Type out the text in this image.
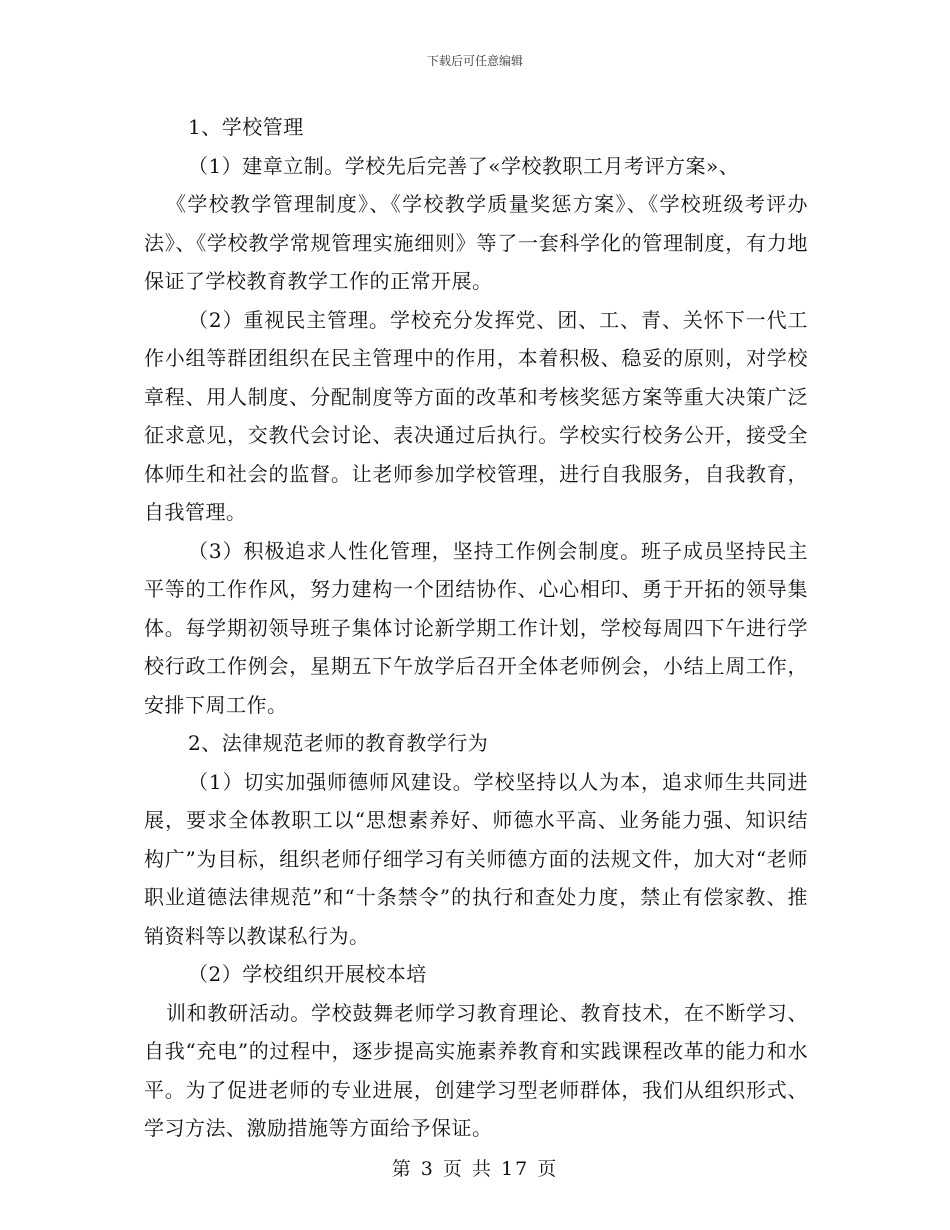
下载后可任意编辑

1、学校管理

（1）建章立制。学校先后完善了«学校教职工月考评方案»、

《学校教学管理制度》、《学校教学质量奖惩方案》、《学校班级考评办法》、《学校教学常规管理实施细则》等了一套科学化的管理制度，有力地保证了学校教育教学工作的正常开展。

（2）重视民主管理。学校充分发挥党、团、工、青、关怀下一代工作小组等群团组织在民主管理中的作用，本着积极、稳妥的原则，对学校章程、用人制度、分配制度等方面的改革和考核奖惩方案等重大决策广泛征求意见，交教代会讨论、表决通过后执行。学校实行校务公开，接受全体师生和社会的监督。让老师参加学校管理，进行自我服务，自我教育，自我管理。

（3）积极追求人性化管理，坚持工作例会制度。班子成员坚持民主平等的工作作风，努力建构一个团结协作、心心相印、勇于开拓的领导集体。每学期初领导班子集体讨论新学期工作计划，学校每周四下午进行学校行政工作例会，星期五下午放学后召开全体老师例会，小结上周工作，安排下周工作。

2、法律规范老师的教育教学行为

（1）切实加强师德师风建设。学校坚持以人为本，追求师生共同进展，要求全体教职工以“思想素养好、师德水平高、业务能力强、知识结构广”为目标，组织老师仔细学习有关师德方面的法规文件，加大对“老师职业道德法律规范”和“十条禁令”的执行和查处力度，禁止有偿家教、推销资料等以教谋私行为。

（2）学校组织开展校本培

训和教研活动。学校鼓舞老师学习教育理论、教育技术，在不断学习、自我“充电”的过程中，逐步提高实施素养教育和实践课程改革的能力和水平。为了促进老师的专业进展，创建学习型老师群体，我们从组织形式、学习方法、激励措施等方面给予保证。

第 3 页 共 17 页
